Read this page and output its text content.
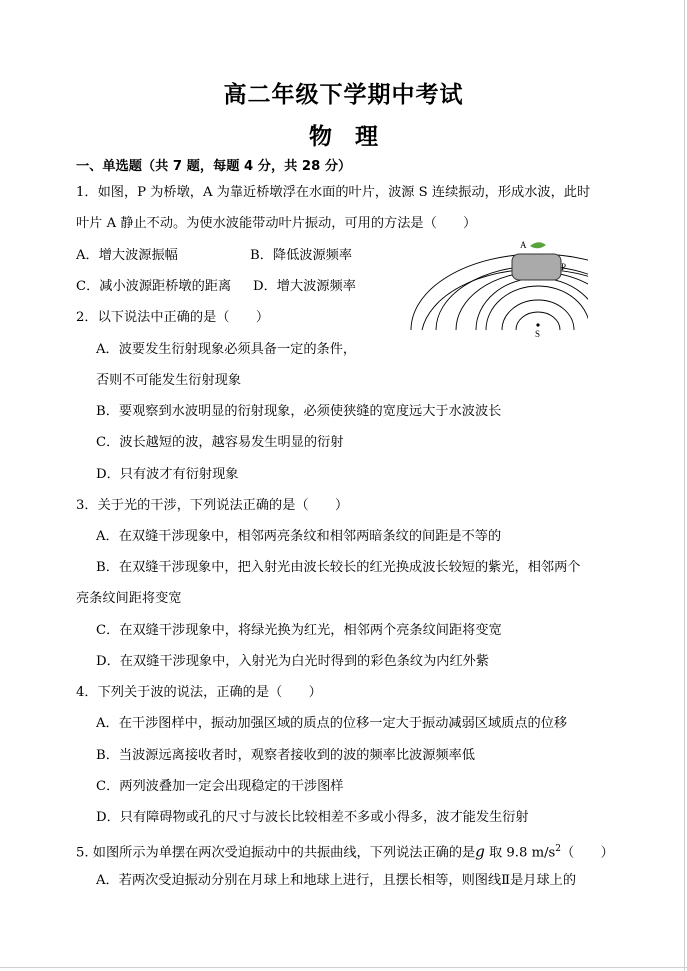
高二年级下学期中考试
物　理
一、单选题（共 7 题，每题 4 分，共 28 分）
1．如图，P 为桥墩，A 为靠近桥墩浮在水面的叶片，波源 S 连续振动，形成水波，此时
叶片 A 静止不动。为使水波能带动叶片振动，可用的方法是（　　）
A．增大波源振幅	B．降低波源频率
C．减小波源距桥墩的距离 D．增大波源频率
A
P
S
2．以下说法中正确的是（　　）
A．波要发生衍射现象必须具备一定的条件，
否则不可能发生衍射现象
B．要观察到水波明显的衍射现象，必须使狭缝的宽度远大于水波波长
C．波长越短的波，越容易发生明显的衍射
D．只有波才有衍射现象
3．关于光的干涉，下列说法正确的是（　　）
A．在双缝干涉现象中，相邻两亮条纹和相邻两暗条纹的间距是不等的
B．在双缝干涉现象中，把入射光由波长较长的红光换成波长较短的紫光，相邻两个
亮条纹间距将变宽
C．在双缝干涉现象中，将绿光换为红光，相邻两个亮条纹间距将变宽
D．在双缝干涉现象中，入射光为白光时得到的彩色条纹为内红外紫
4．下列关于波的说法，正确的是（　　）
A．在干涉图样中，振动加强区域的质点的位移一定大于振动减弱区域质点的位移
B．当波源远离接收者时，观察者接收到的波的频率比波源频率低
C．两列波叠加一定会出现稳定的干涉图样
D．只有障碍物或孔的尺寸与波长比较相差不多或小得多，波才能发生衍射
5. 如图所示为单摆在两次受迫振动中的共振曲线，下列说法正确的是g 取 9.8 $m/s^2$（　　）
A．若两次受迫振动分别在月球上和地球上进行，且摆长相等，则图线Ⅱ是月球上的
